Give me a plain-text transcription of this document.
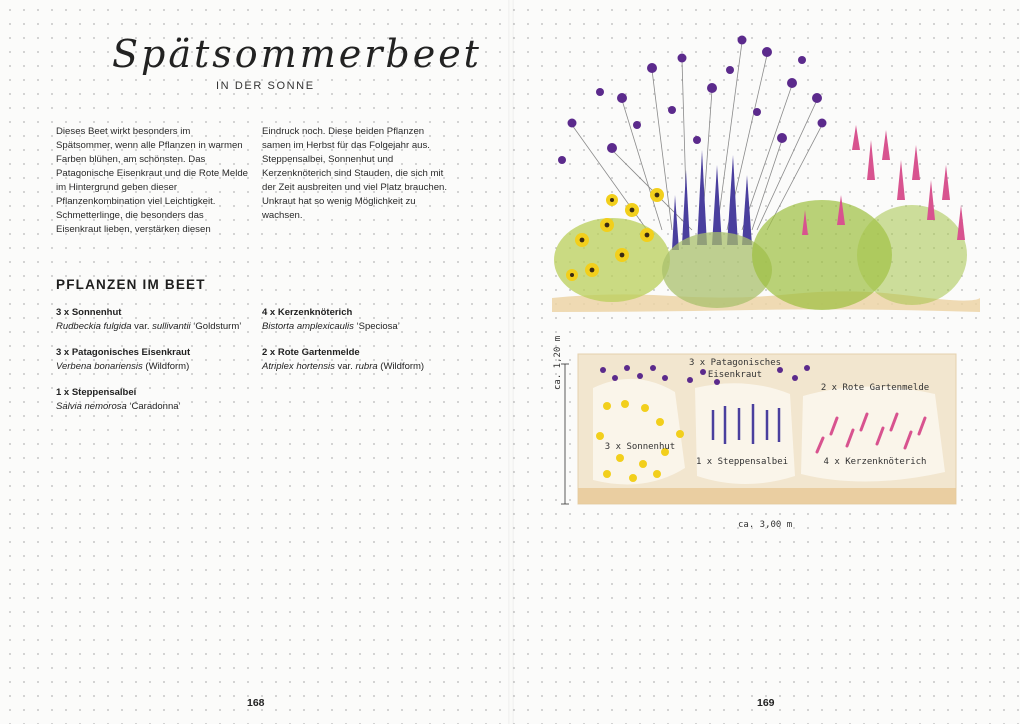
Spätsommerbeet
IN DER SONNE
Dieses Beet wirkt besonders im Spätsommer, wenn alle Pflanzen in warmen Farben blühen, am schönsten. Das Patagonische Eisenkraut und die Rote Melde im Hintergrund geben dieser Pflanzenkombination viel Leichtigkeit. Schmetterlinge, die besonders das Eisenkraut lieben, verstärken diesen
Eindruck noch. Diese beiden Pflanzen samen im Herbst für das Folgejahr aus. Steppensalbei, Sonnenhut und Kerzenknöterich sind Stauden, die sich mit der Zeit ausbreiten und viel Platz brauchen. Unkraut hat so wenig Möglichkeit zu wachsen.
PFLANZEN IM BEET
3 x Sonnenhut
Rudbeckia fulgida var. sullivantii ‘Goldsturm’
3 x Patagonisches Eisenkraut
Verbena bonariensis (Wildform)
1 x Steppensalbei
Salvia nemorosa ‘Caradonna’
4 x Kerzenknöterich
Bistorta amplexicaulis ‘Speciosa’
2 x Rote Gartenmelde
Atriplex hortensis var. rubra (Wildform)
168
3 x Patagonisches
Eisenkraut
2 x Rote Gartenmelde
3 x Sonnenhut
1 x Steppensalbei	4 x Kerzenknöterich
ca. 1,20 m
ca. 3,00 m
169
